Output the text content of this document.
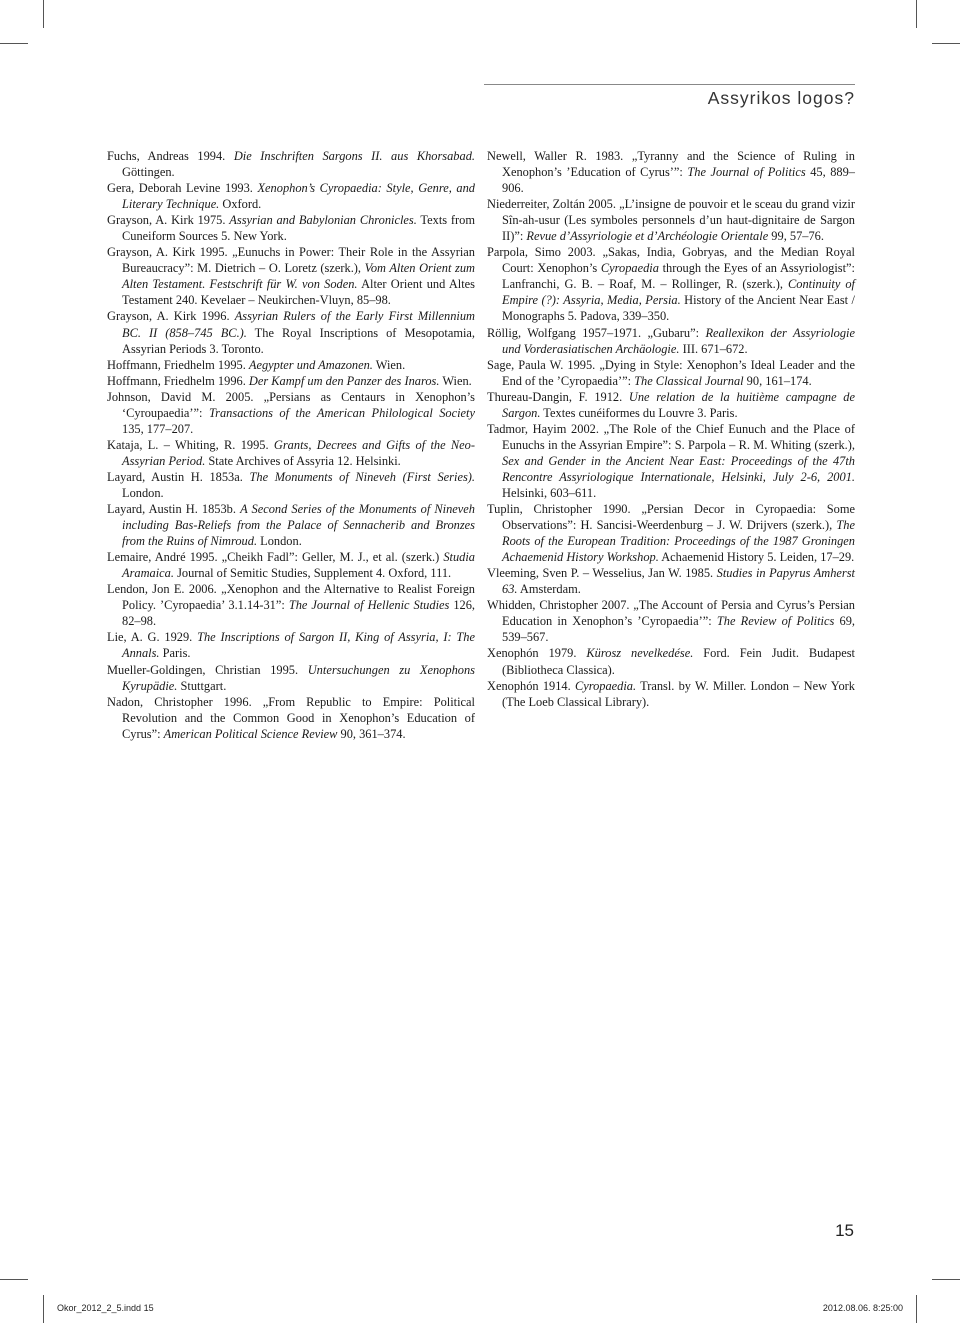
Assyrikos logos?

Fuchs, Andreas 1994. Die Inschriften Sargons II. aus Khorsabad. Göttingen.

Gera, Deborah Levine 1993. Xenophon’s Cyropaedia: Style, Genre, and Literary Technique. Oxford.

Grayson, A. Kirk 1975. Assyrian and Babylonian Chronicles. Texts from Cuneiform Sources 5. New York.

Grayson, A. Kirk 1995. „Eunuchs in Power: Their Role in the Assyrian Bureaucracy”: M. Dietrich – O. Loretz (szerk.), Vom Alten Orient zum Alten Testament. Festschrift für W. von Soden. Alter Orient und Altes Testament 240. Kevelaer – Neukirchen-Vluyn, 85–98.

Grayson, A. Kirk 1996. Assyrian Rulers of the Early First Millennium BC. II (858–745 BC.). The Royal Inscriptions of Mesopotamia, Assyrian Periods 3. Toronto.

Hoffmann, Friedhelm 1995. Aegypter und Amazonen. Wien.

Hoffmann, Friedhelm 1996. Der Kampf um den Panzer des Inaros. Wien.

Johnson, David M. 2005. „Persians as Centaurs in Xenophon’s ‘Cyroupaedia’”: Transactions of the American Philological Society 135, 177–207.

Kataja, L. – Whiting, R. 1995. Grants, Decrees and Gifts of the Neo-Assyrian Period. State Archives of Assyria 12. Helsinki.

Layard, Austin H. 1853a. The Monuments of Nineveh (First Series). London.

Layard, Austin H. 1853b. A Second Series of the Monuments of Nineveh including Bas-Reliefs from the Palace of Sennacherib and Bronzes from the Ruins of Nimroud. London.

Lemaire, André 1995. „Cheikh Fadl”: Geller, M. J., et al. (szerk.) Studia Aramaica. Journal of Semitic Studies, Supplement 4. Oxford, 111.

Lendon, Jon E. 2006. „Xenophon and the Alternative to Realist Foreign Policy. ’Cyropaedia’ 3.1.14-31”: The Journal of Hellenic Studies 126, 82–98.

Lie, A. G. 1929. The Inscriptions of Sargon II, King of Assyria, I: The Annals. Paris.

Mueller-Goldingen, Christian 1995. Untersuchungen zu Xenophons Kyrupädie. Stuttgart.

Nadon, Christopher 1996. „From Republic to Empire: Political Revolution and the Common Good in Xenophon’s Education of Cyrus”: American Political Science Review 90, 361–374.

Newell, Waller R. 1983. „Tyranny and the Science of Ruling in Xenophon’s ’Education of Cyrus’”: The Journal of Politics 45, 889–906.

Niederreiter, Zoltán 2005. „L’insigne de pouvoir et le sceau du grand vizir Sîn-ah-usur (Les symboles personnels d’un haut-dignitaire de Sargon II)”: Revue d’Assyriologie et d’Archéologie Orientale 99, 57–76.

Parpola, Simo 2003. „Sakas, India, Gobryas, and the Median Royal Court: Xenophon’s Cyropaedia through the Eyes of an Assyriologist”: Lanfranchi, G. B. – Roaf, M. – Rollinger, R. (szerk.), Continuity of Empire (?): Assyria, Media, Persia. History of the Ancient Near East / Monographs 5. Padova, 339–350.

Röllig, Wolfgang 1957–1971. „Gubaru”: Reallexikon der Assyriologie und Vorderasiatischen Archäologie. III. 671–672.

Sage, Paula W. 1995. „Dying in Style: Xenophon’s Ideal Leader and the End of the ’Cyropaedia’”: The Classical Journal 90, 161–174.

Thureau-Dangin, F. 1912. Une relation de la huitième campagne de Sargon. Textes cunéiformes du Louvre 3. Paris.

Tadmor, Hayim 2002. „The Role of the Chief Eunuch and the Place of Eunuchs in the Assyrian Empire”: S. Parpola – R. M. Whiting (szerk.), Sex and Gender in the Ancient Near East: Proceedings of the 47th Rencontre Assyriologique Internationale, Helsinki, July 2-6, 2001. Helsinki, 603–611.

Tuplin, Christopher 1990. „Persian Decor in Cyropaedia: Some Observations”: H. Sancisi-Weerdenburg – J. W. Drijvers (szerk.), The Roots of the European Tradition: Proceedings of the 1987 Groningen Achaemenid History Workshop. Achaemenid History 5. Leiden, 17–29.

Vleeming, Sven P. – Wesselius, Jan W. 1985. Studies in Papyrus Amherst 63. Amsterdam.

Whidden, Christopher 2007. „The Account of Persia and Cyrus’s Persian Education in Xenophon’s ’Cyropaedia’”: The Review of Politics 69, 539–567.

Xenophón 1979. Kürosz nevelkedése. Ford. Fein Judit. Budapest (Bibliotheca Classica).

Xenophón 1914. Cyropaedia. Transl. by W. Miller. London – New York (The Loeb Classical Library).

15
Okor_2012_2_5.indd 15	2012.08.06. 8:25:00
